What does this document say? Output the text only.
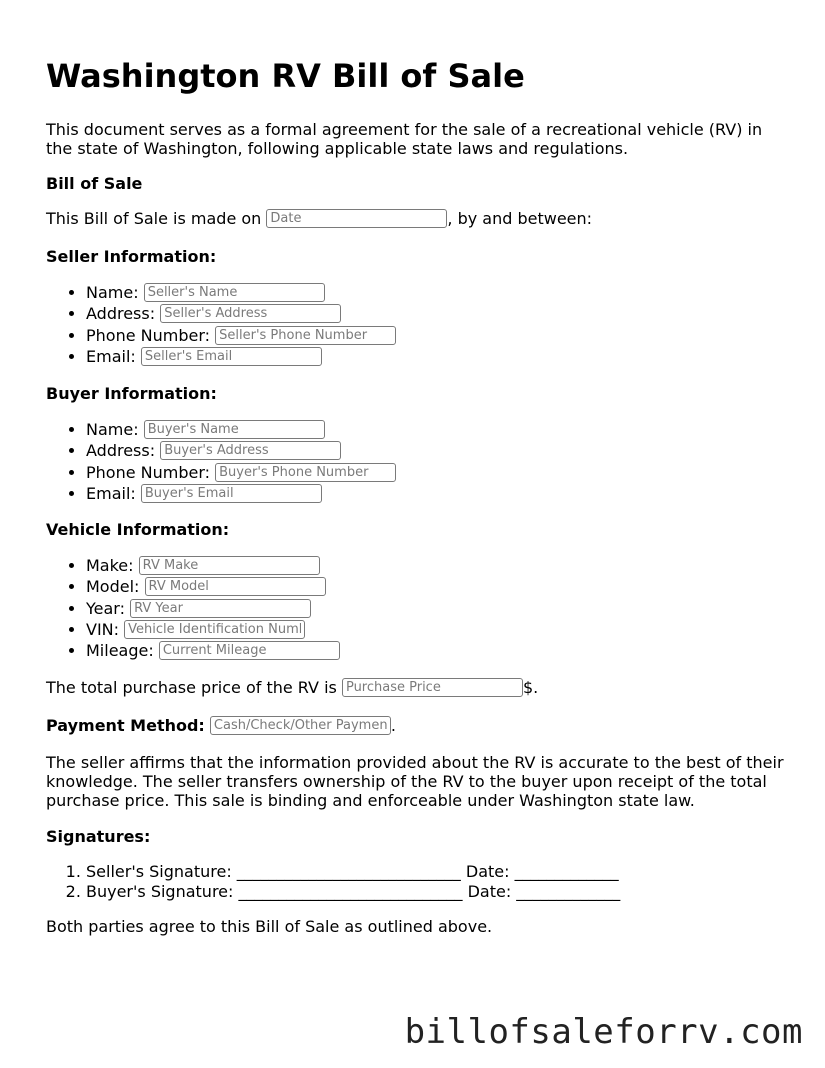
Washington RV Bill of Sale

This document serves as a formal agreement for the sale of a recreational vehicle (RV) in the state of Washington, following applicable state laws and regulations.

Bill of Sale
This Bill of Sale is made on Date	, by and between:
Seller Information:
• Name: Seller's Name
• Address: Seller's Address
• Phone Number: Seller's Phone Number
• Email: Seller's Email
Buyer Information:
• Name: Buyer's Name
• Address: Buyer's Address
• Phone Number: Buyer's Phone Number
• Email: Buyer's Email
Vehicle Information:
• Make: RV Make
• Model: RV Model
• Year: RV Year
• VIN: Vehicle Identification Number
• Mileage: Current Mileage
The total purchase price of the RV is Purchase Price	$.
Payment Method: Cash/Check/Other Payment	.

The seller affirms that the information provided about the RV is accurate to the best of their knowledge. The seller transfers ownership of the RV to the buyer upon receipt of the total purchase price. This sale is binding and enforceable under Washington state law.

Signatures:
1. Seller's Signature: ____________________________ Date: _____________
2. Buyer's Signature: ____________________________ Date: _____________
Both parties agree to this Bill of Sale as outlined above.
billofsaleforrv.com
